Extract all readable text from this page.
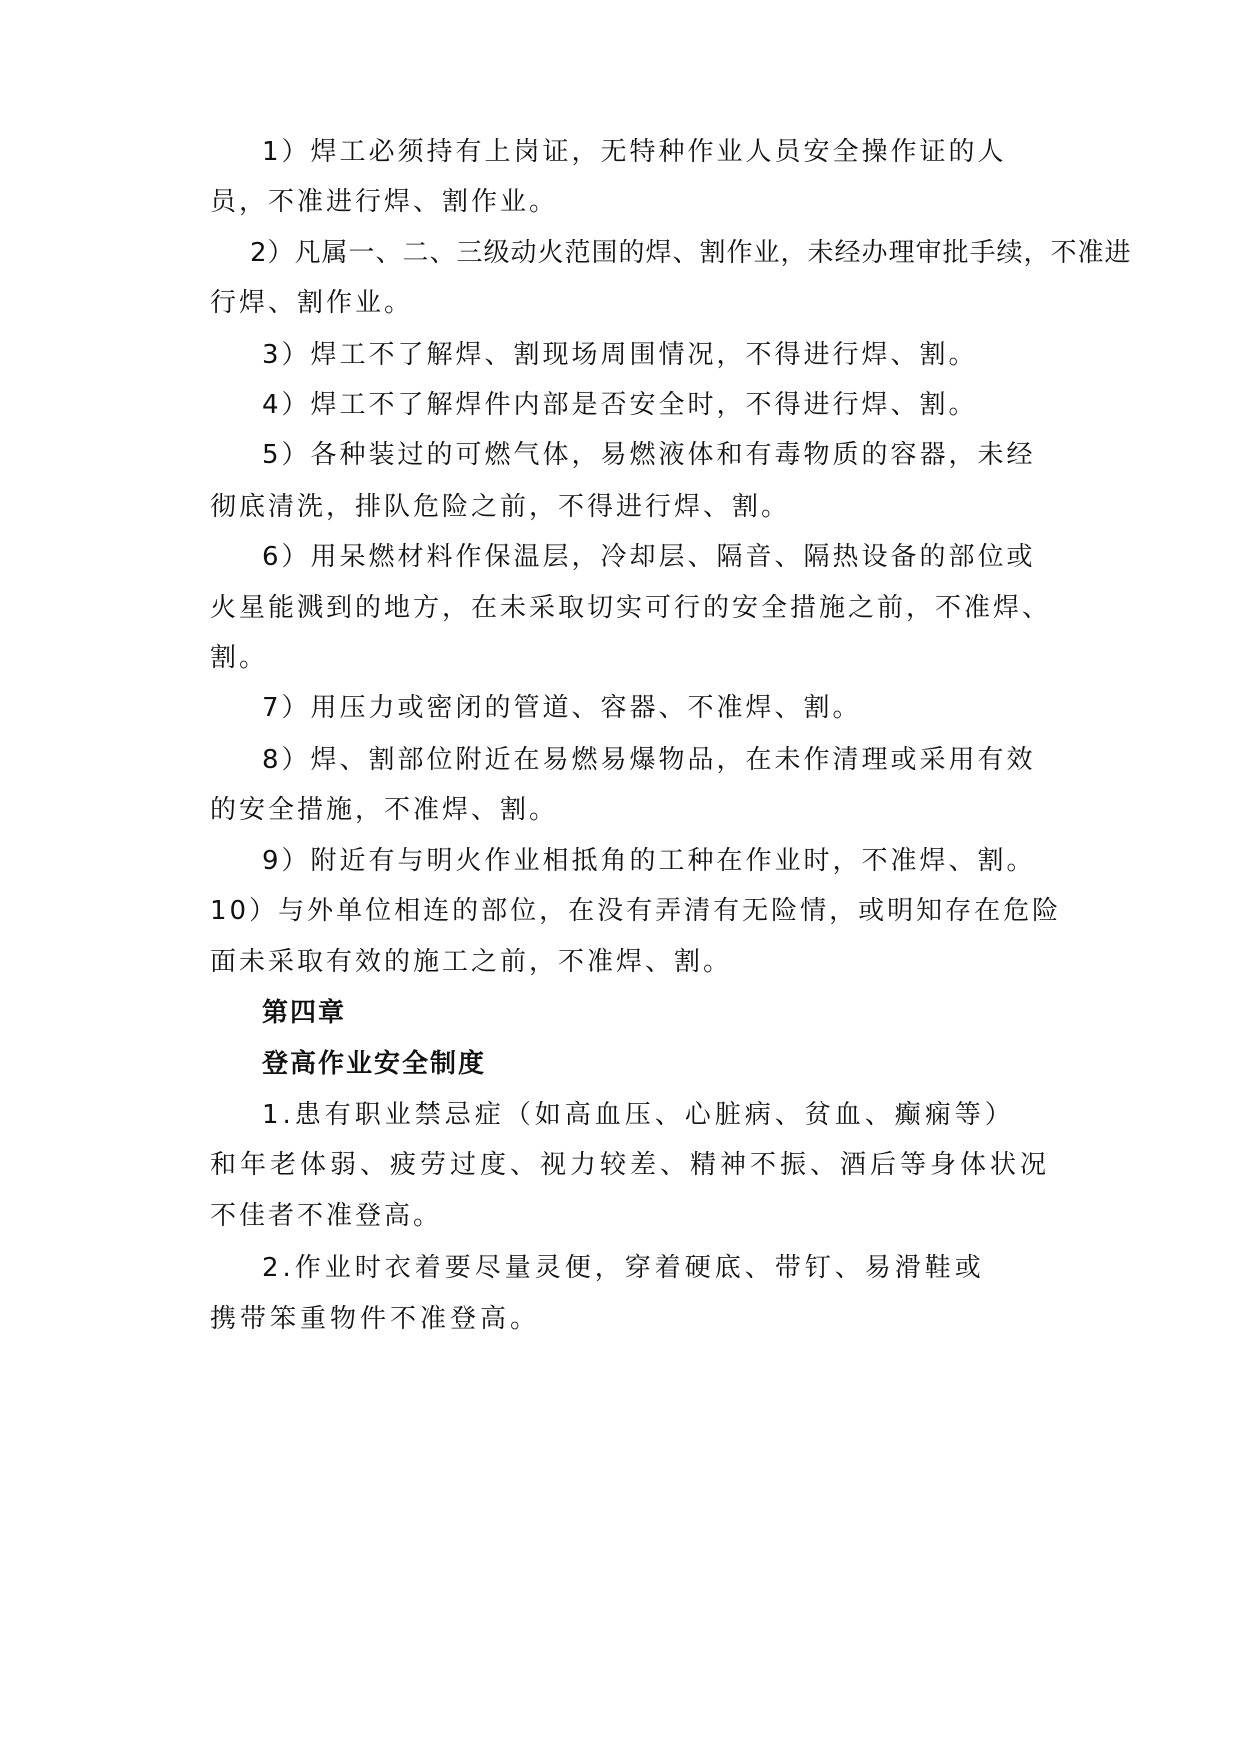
1）焊工必须持有上岗证，无特种作业人员安全操作证的人
员，不准进行焊、割作业。
2）凡属一、二、三级动火范围的焊、割作业，未经办理审批手续，不准进
行焊、割作业。
3）焊工不了解焊、割现场周围情况，不得进行焊、割。
4）焊工不了解焊件内部是否安全时，不得进行焊、割。
5）各种装过的可燃气体，易燃液体和有毒物质的容器，未经
彻底清洗，排队危险之前，不得进行焊、割。
6）用呆燃材料作保温层，冷却层、隔音、隔热设备的部位或
火星能溅到的地方，在未采取切实可行的安全措施之前，不准焊、
割。
7）用压力或密闭的管道、容器、不准焊、割。
8）焊、割部位附近在易燃易爆物品，在未作清理或采用有效
的安全措施，不准焊、割。
9）附近有与明火作业相抵角的工种在作业时，不准焊、割。
10）与外单位相连的部位，在没有弄清有无险情，或明知存在危险
面未采取有效的施工之前，不准焊、割。
第四章
登高作业安全制度
1.患有职业禁忌症（如高血压、心脏病、贫血、癫痫等）
和年老体弱、疲劳过度、视力较差、精神不振、酒后等身体状况
不佳者不准登高。
2.作业时衣着要尽量灵便，穿着硬底、带钉、易滑鞋或
携带笨重物件不准登高。
